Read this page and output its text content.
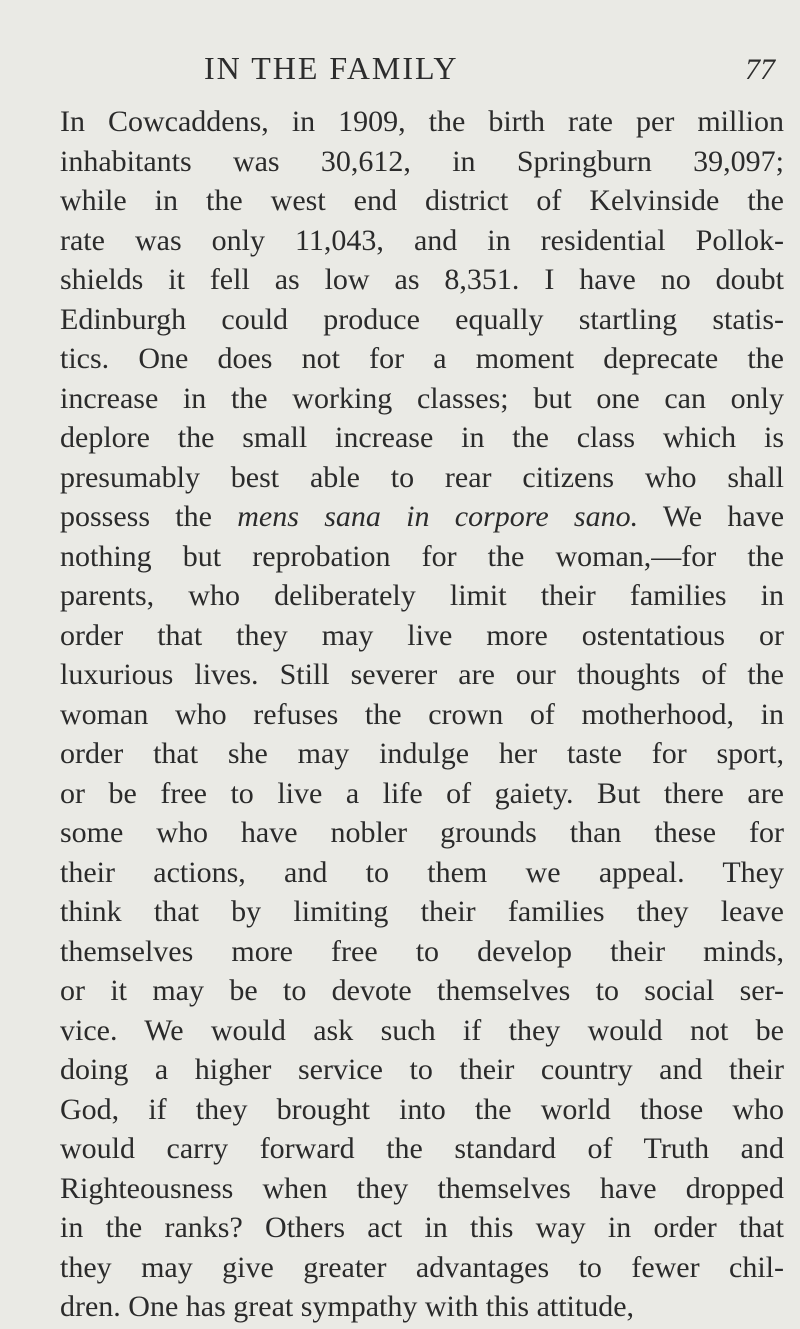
IN THE FAMILY	77
In Cowcaddens, in 1909, the birth rate per million
inhabitants was 30,612, in Springburn 39,097;
while in the west end district of Kelvinside the
rate was only 11,043, and in residential Pollok-
shields it fell as low as 8,351. I have no doubt
Edinburgh could produce equally startling statis-
tics. One does not for a moment deprecate the
increase in the working classes; but one can only
deplore the small increase in the class which is
presumably best able to rear citizens who shall
possess the mens sana in corpore sano. We have
nothing but reprobation for the woman,—for the
parents, who deliberately limit their families in
order that they may live more ostentatious or
luxurious lives. Still severer are our thoughts of the
woman who refuses the crown of motherhood, in
order that she may indulge her taste for sport,
or be free to live a life of gaiety. But there are
some who have nobler grounds than these for
their actions, and to them we appeal. They
think that by limiting their families they leave
themselves more free to develop their minds,
or it may be to devote themselves to social ser-
vice. We would ask such if they would not be
doing a higher service to their country and their
God, if they brought into the world those who
would carry forward the standard of Truth and
Righteousness when they themselves have dropped
in the ranks? Others act in this way in order that
they may give greater advantages to fewer chil-
dren. One has great sympathy with this attitude,
